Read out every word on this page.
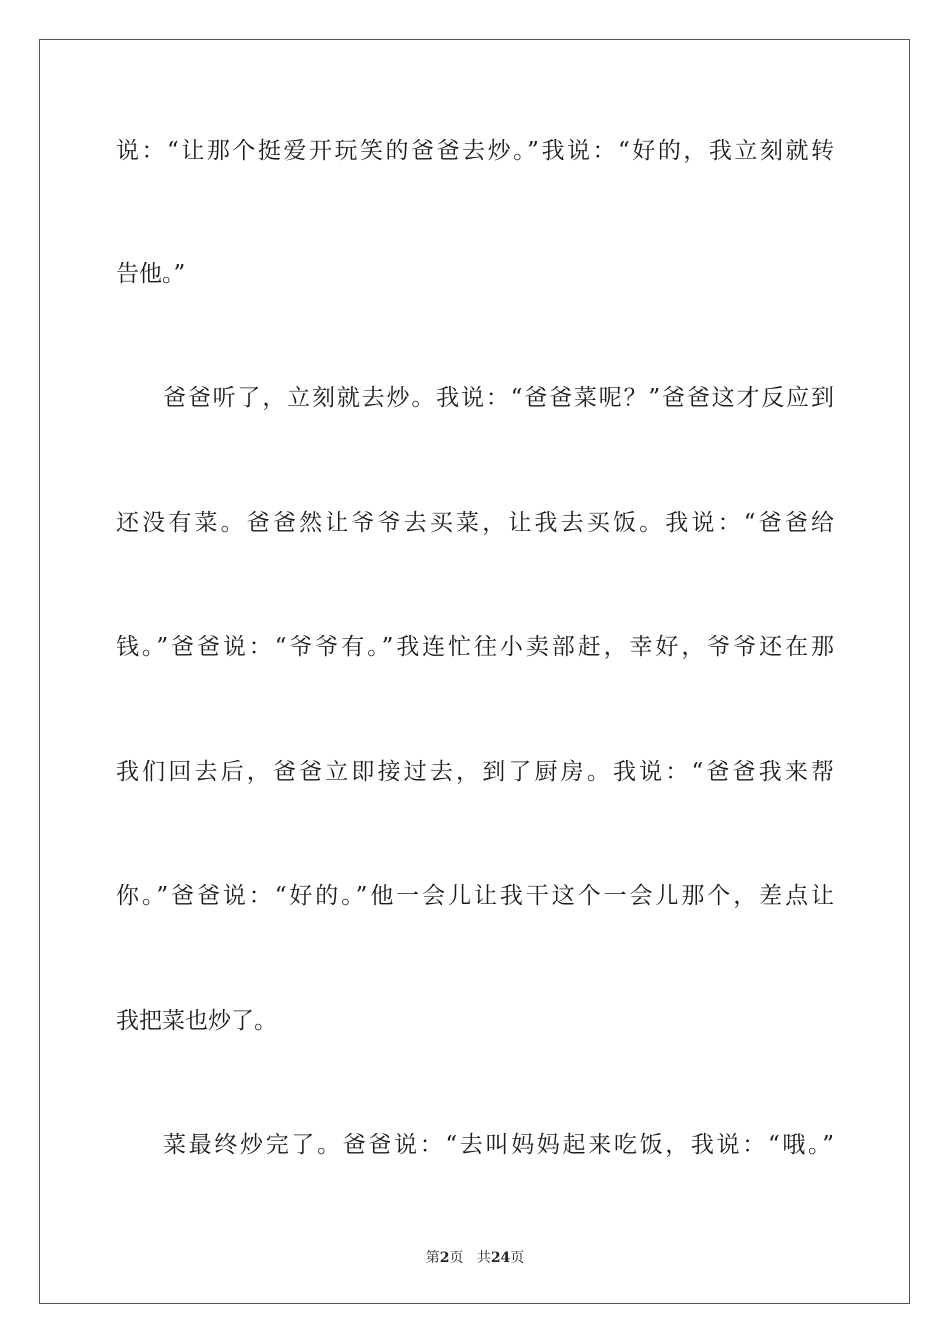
说：“让那个挺爱开玩笑的爸爸去炒。”我说：“好的，我立刻就转
告他。”
爸爸听了，立刻就去炒。我说：“爸爸菜呢？”爸爸这才反应到
还没有菜。爸爸然让爷爷去买菜，让我去买饭。我说：“爸爸给
钱。”爸爸说：“爷爷有。”我连忙往小卖部赶，幸好，爷爷还在那
我们回去后，爸爸立即接过去，到了厨房。我说：“爸爸我来帮
你。”爸爸说：“好的。”他一会儿让我干这个一会儿那个，差点让
我把菜也炒了。
菜最终炒完了。爸爸说：“去叫妈妈起来吃饭，我说：“哦。”
第2页 共24页
